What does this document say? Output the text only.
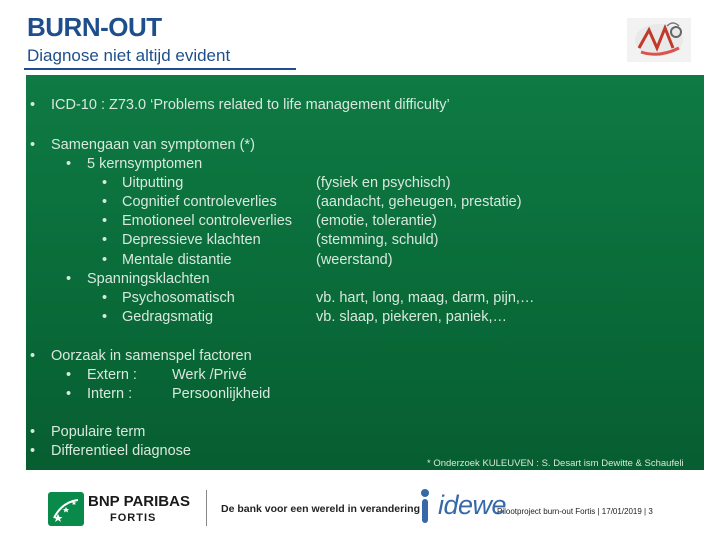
BURN-OUT
Diagnose niet altijd evident
• ICD-10 : Z73.0 ‘Problems related to life management difficulty’
• Samengaan van symptomen (*)
• 5 kernsymptomen
• Uitputting	(fysiek en psychisch)
• Cognitief controleverlies	(aandacht, geheugen, prestatie)
• Emotioneel controleverlies (emotie, tolerantie)
• Depressieve klachten	(stemming, schuld)
• Mentale distantie	(weerstand)
• Spanningsklachten
• Psychosomatisch	vb. hart, long, maag, darm, pijn,…
• Gedragsmatig	vb. slaap, piekeren, paniek,…
• Oorzaak in samenspel factoren
• Extern : Werk /Privé
• Intern :	Persoonlijkheid
• Populaire term
• Differentieel diagnose
* Onderzoek KULEUVEN : S. Desart ism Dewitte & Schaufeli
BNP PARIBAS
FORTIS
De bank voor een wereld in verandering idewe
Pilootproject burn-out Fortis | 17/01/2019 | 3
